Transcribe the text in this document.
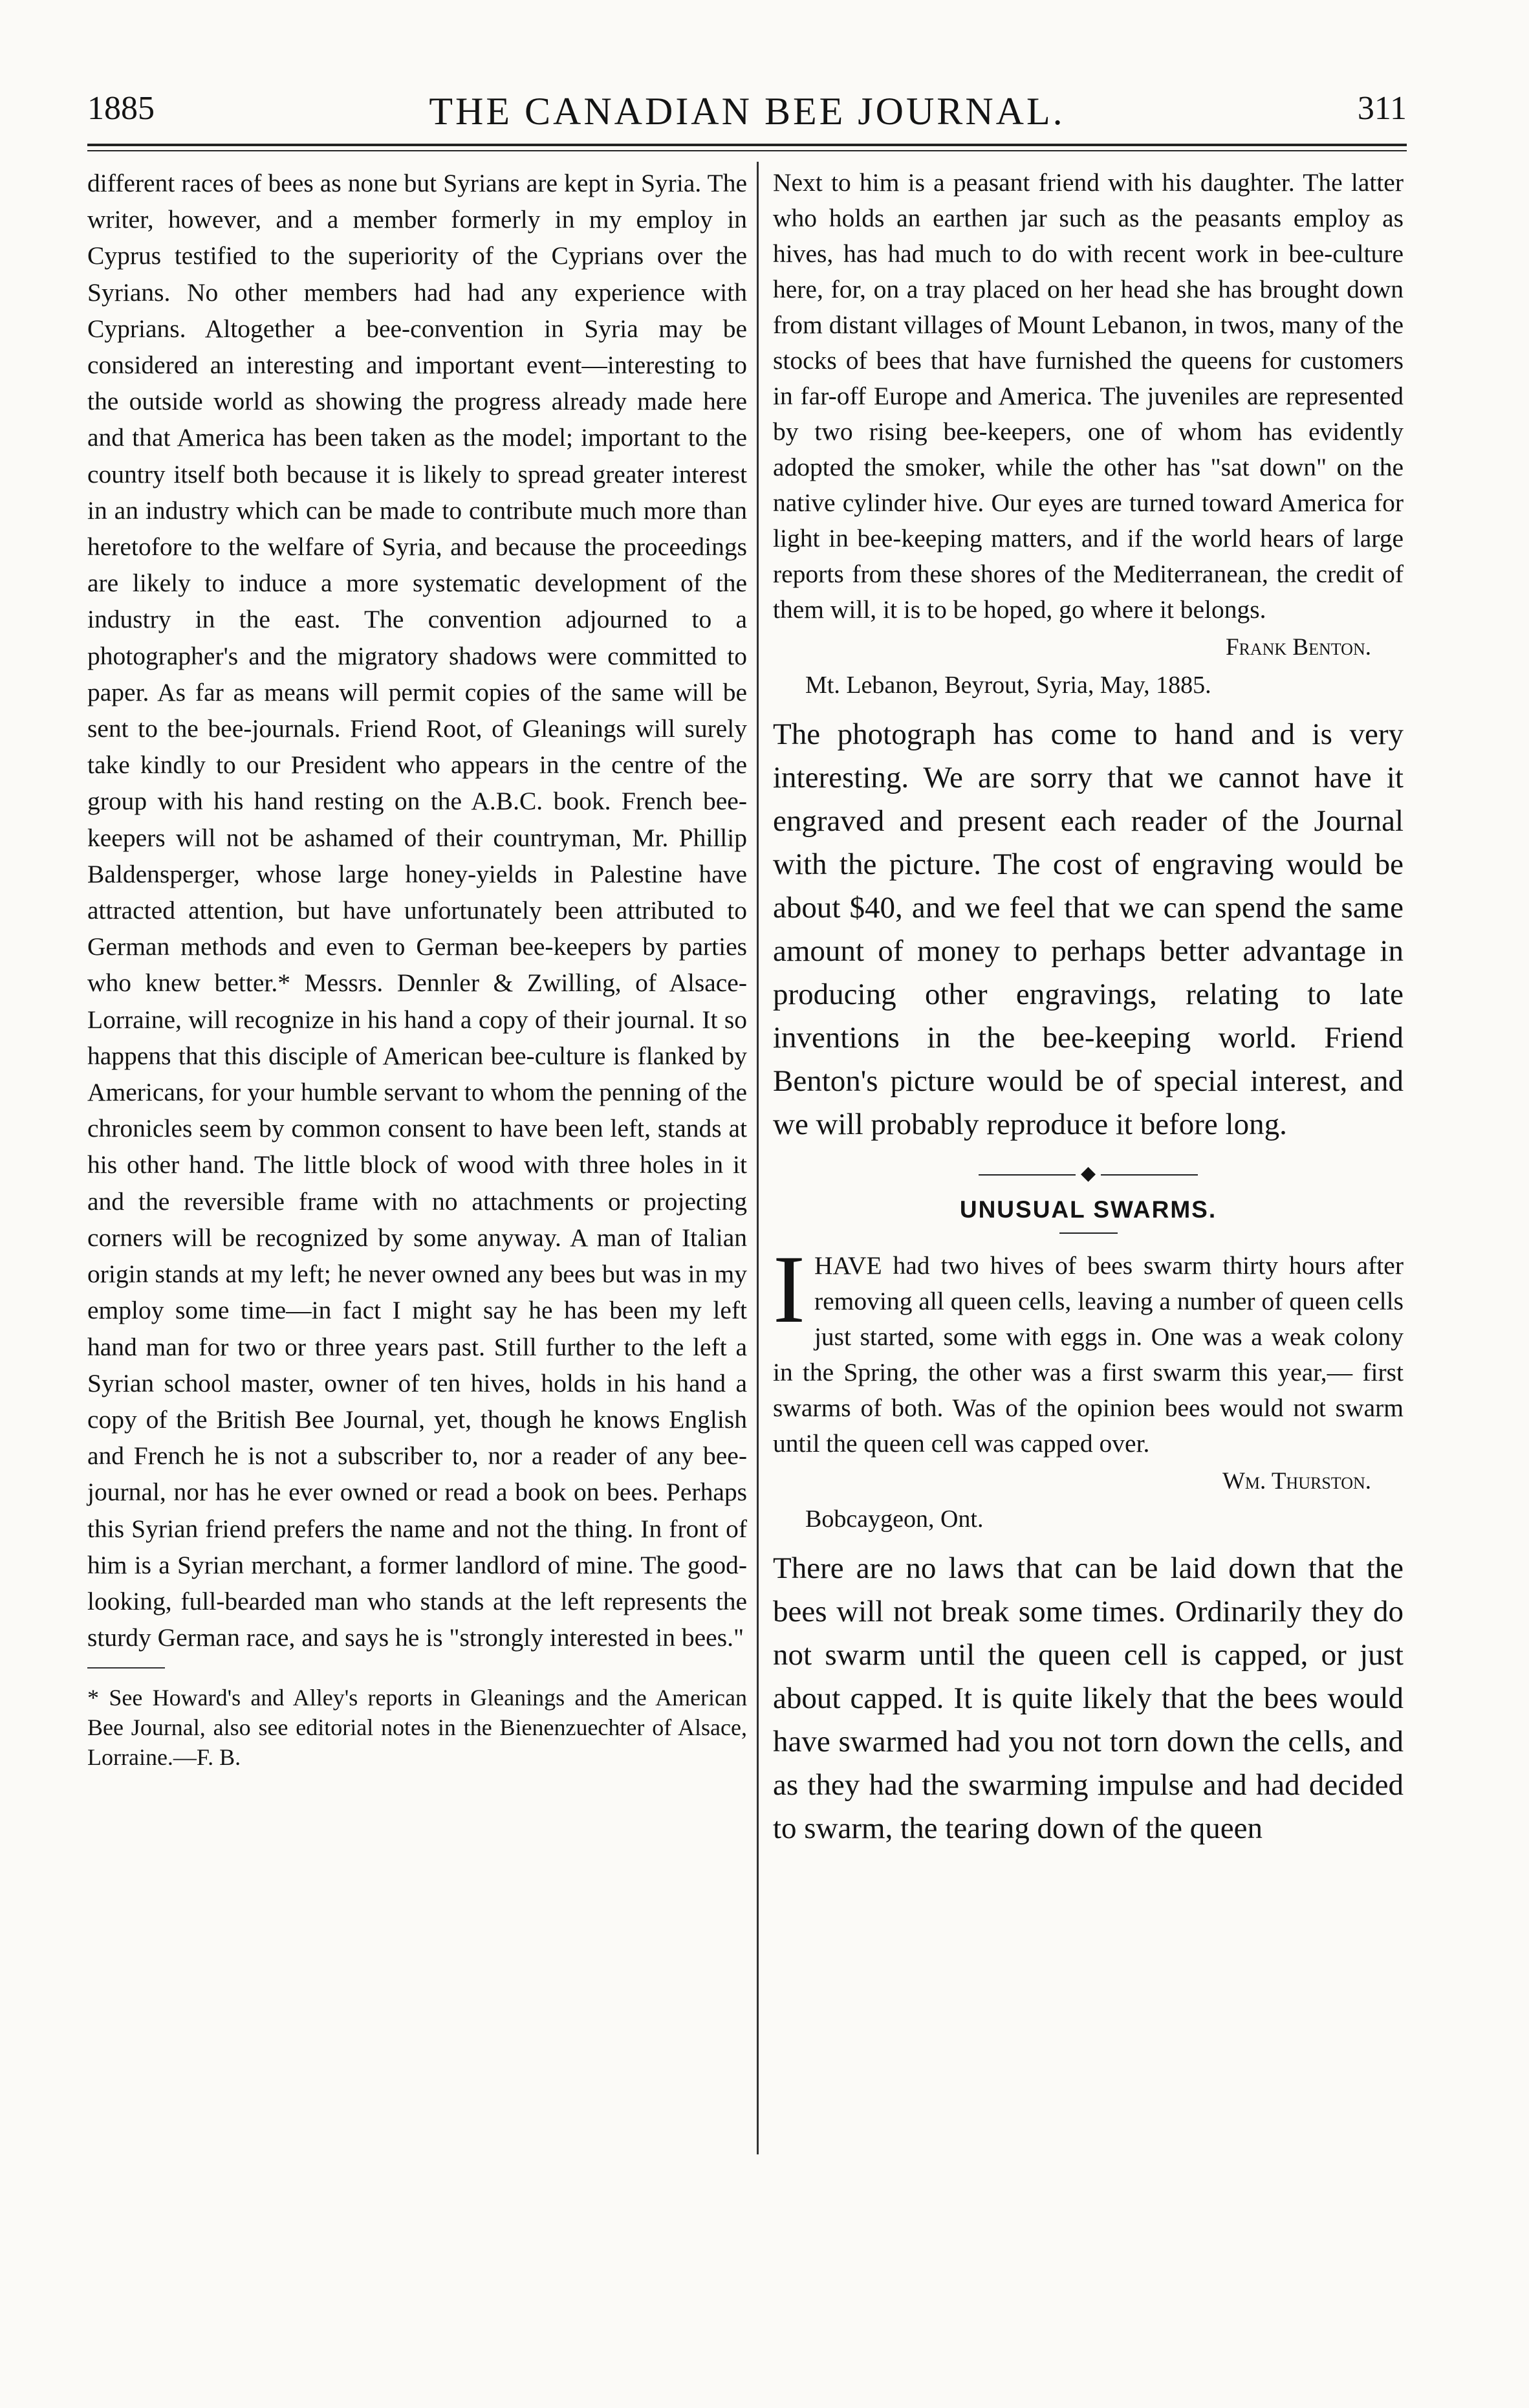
1885	THE CANADIAN BEE JOURNAL.	311

different races of bees as none but Syrians are kept in Syria. The writer, however, and a member formerly in my employ in Cyprus testified to the superiority of the Cyprians over the Syrians. No other members had had any experience with Cyprians. Altogether a bee-convention in Syria may be considered an interesting and important event—interesting to the outside world as showing the progress already made here and that America has been taken as the model; important to the country itself both because it is likely to spread greater interest in an industry which can be made to contribute much more than heretofore to the welfare of Syria, and because the proceedings are likely to induce a more systematic development of the industry in the east. The convention adjourned to a photographer's and the migratory shadows were committed to paper. As far as means will permit copies of the same will be sent to the bee-journals. Friend Root, of Gleanings will surely take kindly to our President who appears in the centre of the group with his hand resting on the A.B.C. book. French bee-keepers will not be ashamed of their countryman, Mr. Phillip Baldensperger, whose large honey-yields in Palestine have attracted attention, but have unfortunately been attributed to German methods and even to German bee-keepers by parties who knew better.* Messrs. Dennler & Zwilling, of Alsace-Lorraine, will recognize in his hand a copy of their journal. It so happens that this disciple of American bee-culture is flanked by Americans, for your humble servant to whom the penning of the chronicles seem by common consent to have been left, stands at his other hand. The little block of wood with three holes in it and the reversible frame with no attachments or projecting corners will be recognized by some anyway. A man of Italian origin stands at my left; he never owned any bees but was in my employ some time—in fact I might say he has been my left hand man for two or three years past. Still further to the left a Syrian school master, owner of ten hives, holds in his hand a copy of the British Bee Journal, yet, though he knows English and French he is not a subscriber to, nor a reader of any bee-journal, nor has he ever owned or read a book on bees. Perhaps this Syrian friend prefers the name and not the thing. In front of him is a Syrian merchant, a former landlord of mine. The good-looking, full-bearded man who stands at the left represents the sturdy German race, and says he is "strongly interested in bees."

* See Howard's and Alley's reports in Gleanings and the American Bee Journal, also see editorial notes in the Bienenzuechter of Alsace, Lorraine.—F. B.

Next to him is a peasant friend with his daughter. The latter who holds an earthen jar such as the peasants employ as hives, has had much to do with recent work in bee-culture here, for, on a tray placed on her head she has brought down from distant villages of Mount Lebanon, in twos, many of the stocks of bees that have furnished the queens for customers in far-off Europe and America. The juveniles are represented by two rising bee-keepers, one of whom has evidently adopted the smoker, while the other has "sat down" on the native cylinder hive. Our eyes are turned toward America for light in bee-keeping matters, and if the world hears of large reports from these shores of the Mediterranean, the credit of them will, it is to be hoped, go where it belongs.

Frank Benton.
Mt. Lebanon, Beyrout, Syria, May, 1885.

The photograph has come to hand and is very interesting. We are sorry that we cannot have it engraved and present each reader of the Journal with the picture. The cost of engraving would be about $40, and we feel that we can spend the same amount of money to perhaps better advantage in producing other engravings, relating to late inventions in the bee-keeping world. Friend Benton's picture would be of special interest, and we will probably reproduce it before long.

◆
UNUSUAL SWARMS.

IHAVE had two hives of bees swarm thirty hours after removing all queen cells, leaving a number of queen cells just started, some with eggs in. One was a weak colony in the Spring, the other was a first swarm this year,— first swarms of both. Was of the opinion bees would not swarm until the queen cell was capped over.

Wm. Thurston.
Bobcaygeon, Ont.

There are no laws that can be laid down that the bees will not break some times. Ordinarily they do not swarm until the queen cell is capped, or just about capped. It is quite likely that the bees would have swarmed had you not torn down the cells, and as they had the swarming impulse and had decided to swarm, the tearing down of the queen
